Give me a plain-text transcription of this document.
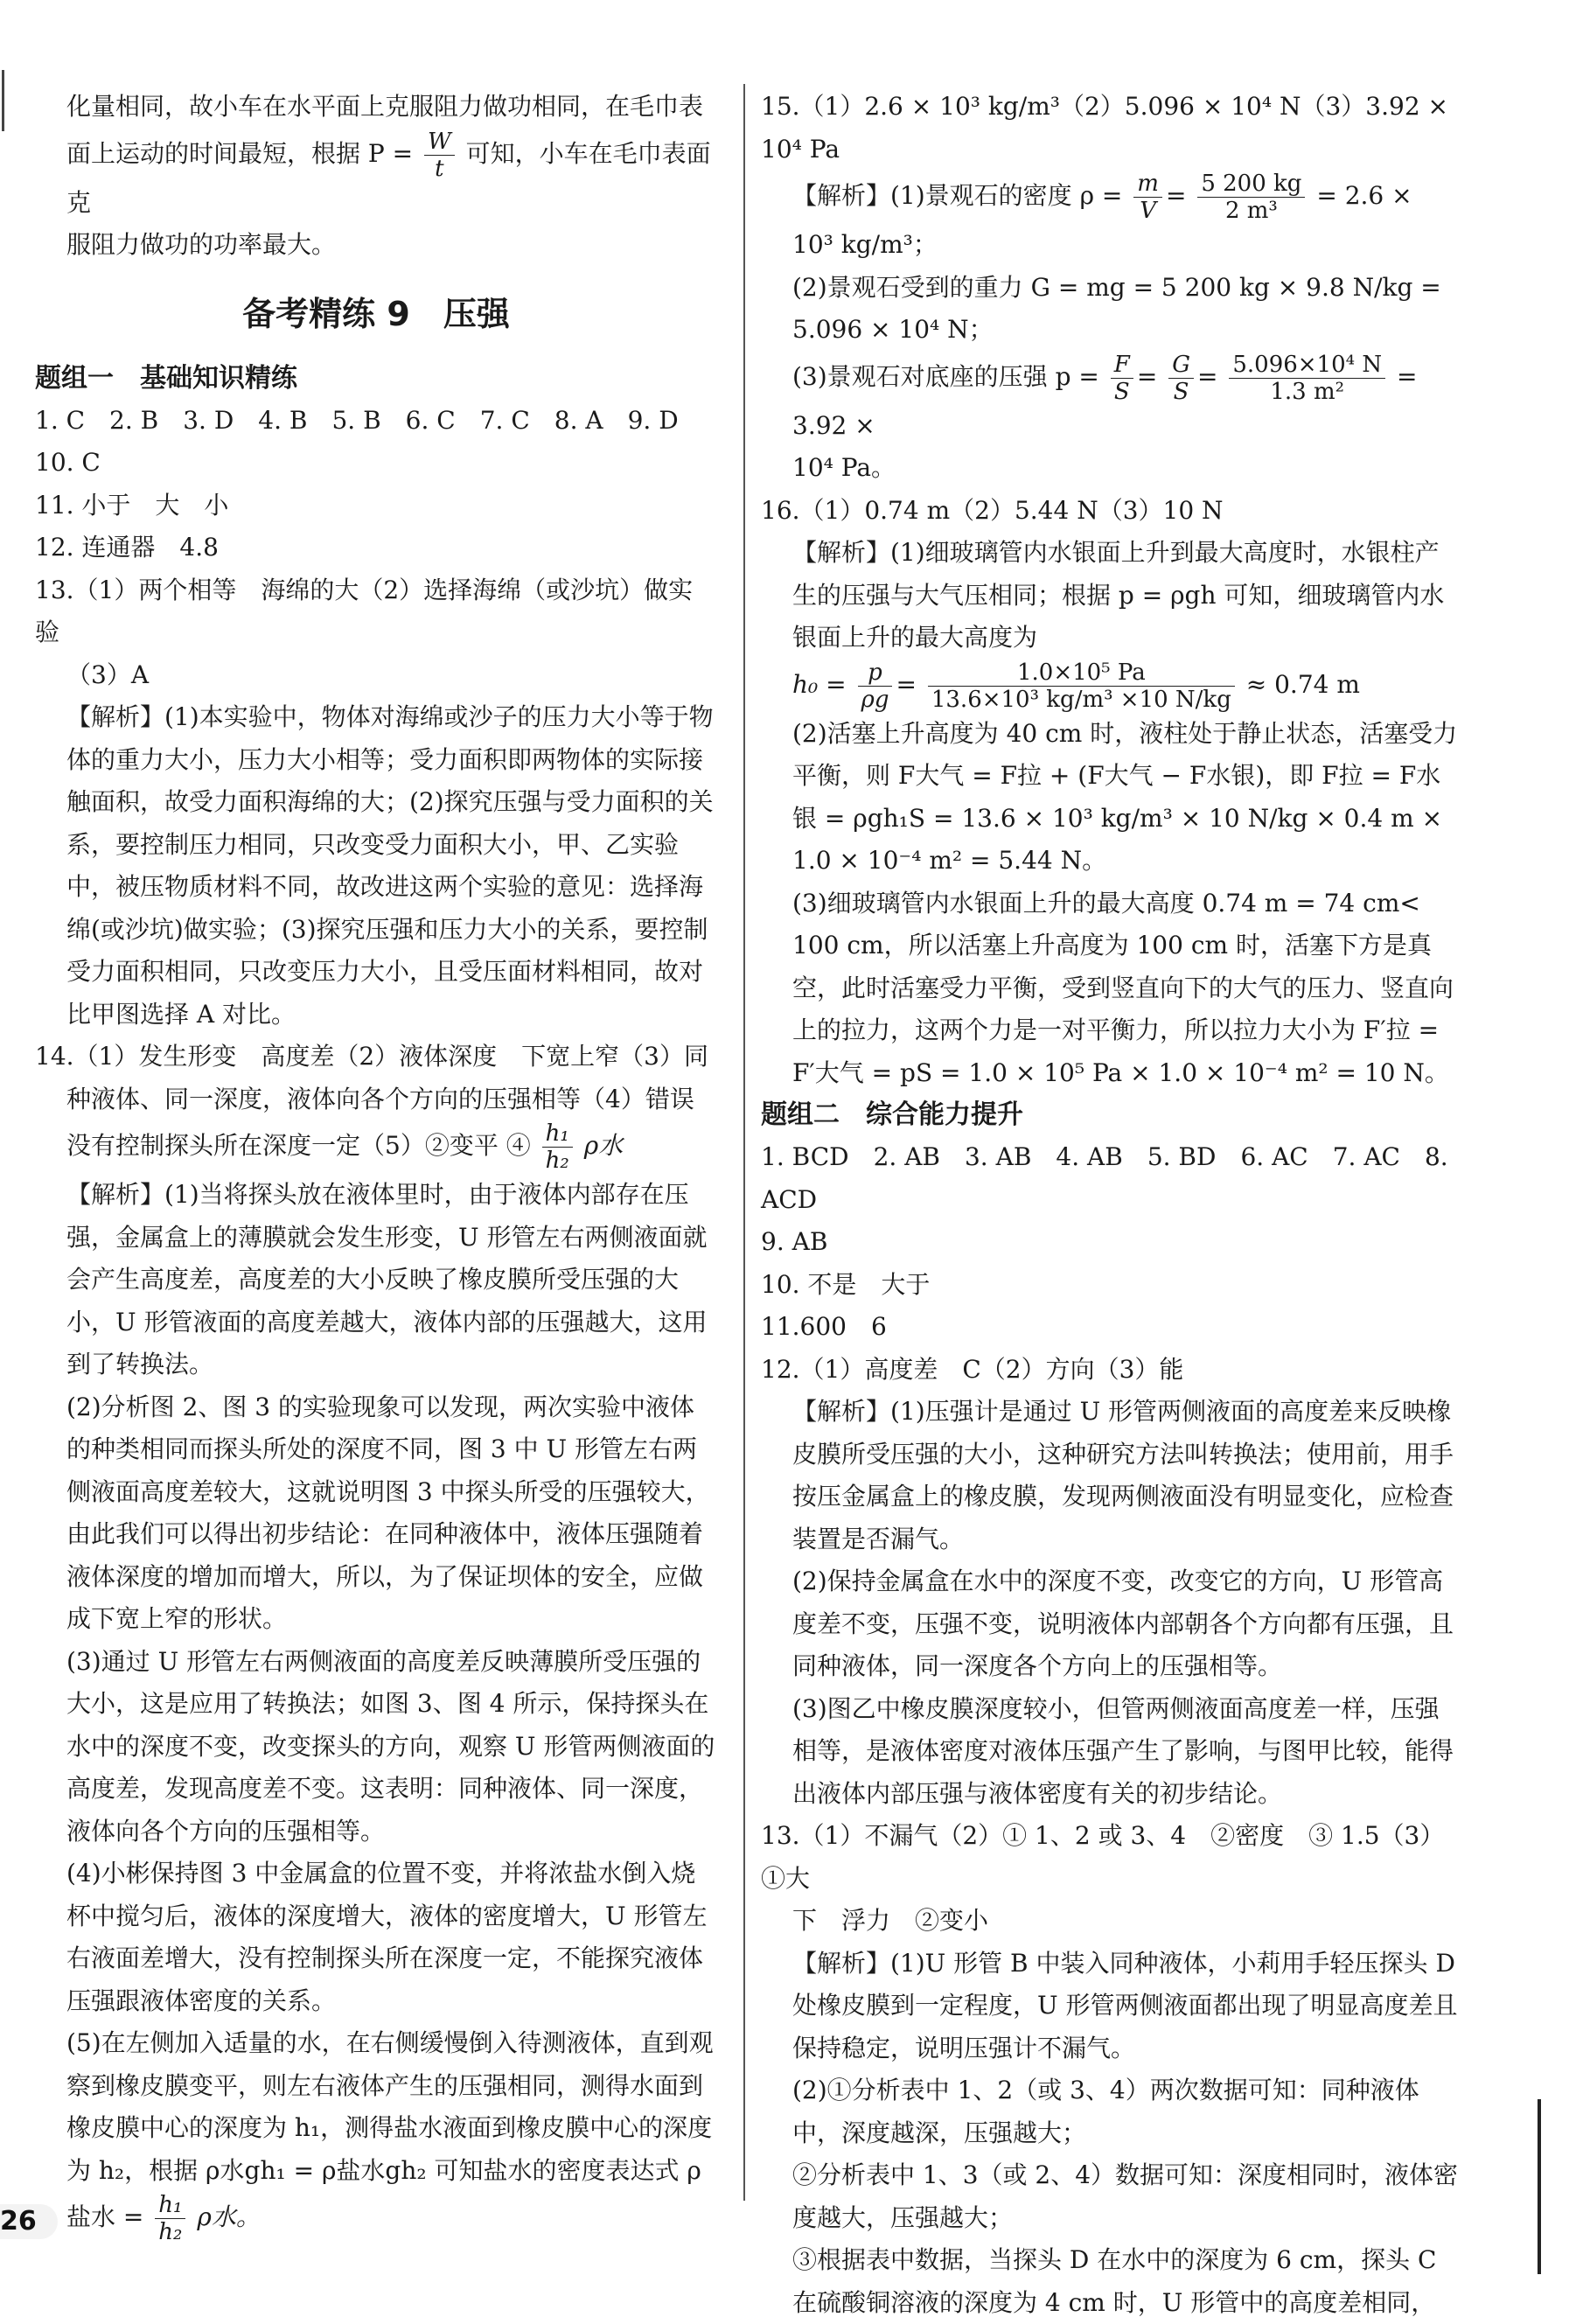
化量相同，故小车在水平面上克服阻力做功相同，在毛巾表

面上运动的时间最短，根据 $P = \frac{W}{t}$ 可知，小车在毛巾表面克

服阻力做功的功率最大。

备考精练 9　压强

题组一　基础知识精练

1. C　2. B　3. D　4. B　5. B　6. C　7. C　8. A　9. D　10. C

11. 小于　大　小

12. 连通器　4.8

13.（1）两个相等　海绵的大（2）选择海绵（或沙坑）做实验

（3）A

【解析】(1)本实验中，物体对海绵或沙子的压力大小等于物体的重力大小，压力大小相等；受力面积即两物体的实际接触面积，故受力面积海绵的大；(2)探究压强与受力面积的关系，要控制压力相同，只改变受力面积大小，甲、乙实验中，被压物质材料不同，故改进这两个实验的意见：选择海绵(或沙坑)做实验；(3)探究压强和压力大小的关系，要控制受力面积相同，只改变压力大小，且受压面材料相同，故对比甲图选择 A 对比。

14.（1）发生形变　高度差（2）液体深度　下宽上窄（3）同

种液体、同一深度，液体向各个方向的压强相等（4）错误

没有控制探头所在深度一定（5）②变平 ④ $\frac{\text{h₁}}{\text{h₂}}$ ρ水

【解析】(1)当将探头放在液体里时，由于液体内部存在压强，金属盒上的薄膜就会发生形变，U 形管左右两侧液面就会产生高度差，高度差的大小反映了橡皮膜所受压强的大小，U 形管液面的高度差越大，液体内部的压强越大，这用到了转换法。

(2)分析图 2、图 3 的实验现象可以发现，两次实验中液体的种类相同而探头所处的深度不同，图 3 中 U 形管左右两侧液面高度差较大，这就说明图 3 中探头所受的压强较大，由此我们可以得出初步结论：在同种液体中，液体压强随着液体深度的增加而增大，所以，为了保证坝体的安全，应做成下宽上窄的形状。

(3)通过 U 形管左右两侧液面的高度差反映薄膜所受压强的大小，这是应用了转换法；如图 3、图 4 所示，保持探头在水中的深度不变，改变探头的方向，观察 U 形管两侧液面的高度差，发现高度差不变。这表明：同种液体、同一深度，液体向各个方向的压强相等。

(4)小彬保持图 3 中金属盒的位置不变，并将浓盐水倒入烧杯中搅匀后，液体的深度增大，液体的密度增大，U 形管左右液面差增大，没有控制探头所在深度一定，不能探究液体压强跟液体密度的关系。

(5)在左侧加入适量的水，在右侧缓慢倒入待测液体，直到观察到橡皮膜变平，则左右液体产生的压强相同，测得水面到橡皮膜中心的深度为 h₁，测得盐水液面到橡皮膜中心的深度为 h₂，根据 ρ水gh₁ = ρ盐水gh₂ 可知盐水的密度表达式 ρ盐水 = $\frac{\text{h₁}}{\text{h₂}}$ ρ水。

15.（1）2.6 × 10³ kg/m³（2）5.096 × 10⁴ N（3）3.92 × 10⁴ Pa

【解析】(1)景观石的密度 $\rho = \frac{m}{V} = \frac{5 200 kg}{\text{2 m³}} = 2.6 \times 10^3$ kg/m³；

(2)景观石受到的重力 G = mg = 5 200 kg × 9.8 N/kg = 5.096 × 10⁴ N；

(3)景观石对底座的压强 $p = \frac{F}{S} = \frac{G}{S} = \frac{\text{5.096×10⁴ N}}{\text{1.3 m²}} = 3.92$ ×

10⁴ Pa。

16.（1）0.74 m（2）5.44 N（3）10 N

【解析】(1)细玻璃管内水银面上升到最大高度时，水银柱产生的压强与大气压相同；根据 p = ρgh 可知，细玻璃管内水银面上升的最大高度为

$h_0 = \frac{p}{\rho g} = \frac{\text{1.0×10⁵ Pa}}{\text{13.6×10³ kg/m³ ×10 N/kg}} \approx 0.74$ m

(2)活塞上升高度为 40 cm 时，液柱处于静止状态，活塞受力平衡，则 F大气 = F拉 + (F大气 − F水银)，即 F拉 = F水银 = ρgh₁S = 13.6 × 10³ kg/m³ × 10 N/kg × 0.4 m × 1.0 × 10⁻⁴ m² = 5.44 N。

(3)细玻璃管内水银面上升的最大高度 0.74 m = 74 cm< 100 cm，所以活塞上升高度为 100 cm 时，活塞下方是真空，此时活塞受力平衡，受到竖直向下的大气的压力、竖直向上的拉力，这两个力是一对平衡力，所以拉力大小为 F′拉 = F′大气 = pS = 1.0 × 10⁵ Pa × 1.0 × 10⁻⁴ m² = 10 N。

题组二　综合能力提升

1. BCD　2. AB　3. AB　4. AB　5. BD　6. AC　7. AC　8. ACD

9. AB

10. 不是　大于

11.600　6

12.（1）高度差　C（2）方向（3）能

【解析】(1)压强计是通过 U 形管两侧液面的高度差来反映橡皮膜所受压强的大小，这种研究方法叫转换法；使用前，用手按压金属盒上的橡皮膜，发现两侧液面没有明显变化，应检查装置是否漏气。

(2)保持金属盒在水中的深度不变，改变它的方向，U 形管高度差不变，压强不变，说明液体内部朝各个方向都有压强，且同种液体，同一深度各个方向上的压强相等。

(3)图乙中橡皮膜深度较小，但管两侧液面高度差一样，压强相等，是液体密度对液体压强产生了影响，与图甲比较，能得出液体内部压强与液体密度有关的初步结论。

13.（1）不漏气（2）① 1、2 或 3、4　②密度　③ 1.5（3）①大

下　浮力　②变小

【解析】(1)U 形管 B 中装入同种液体，小莉用手轻压探头 D 处橡皮膜到一定程度，U 形管两侧液面都出现了明显高度差且保持稳定，说明压强计不漏气。

(2)①分析表中 1、2（或 3、4）两次数据可知：同种液体中，深度越深，压强越大；

②分析表中 1、3（或 2、4）数据可知：深度相同时，液体密度越大，压强越大；

③根据表中数据，当探头 D 在水中的深度为 6 cm，探头 C 在硫酸铜溶液的深度为 4 cm 时，U 形管中的高度差相同，

26
